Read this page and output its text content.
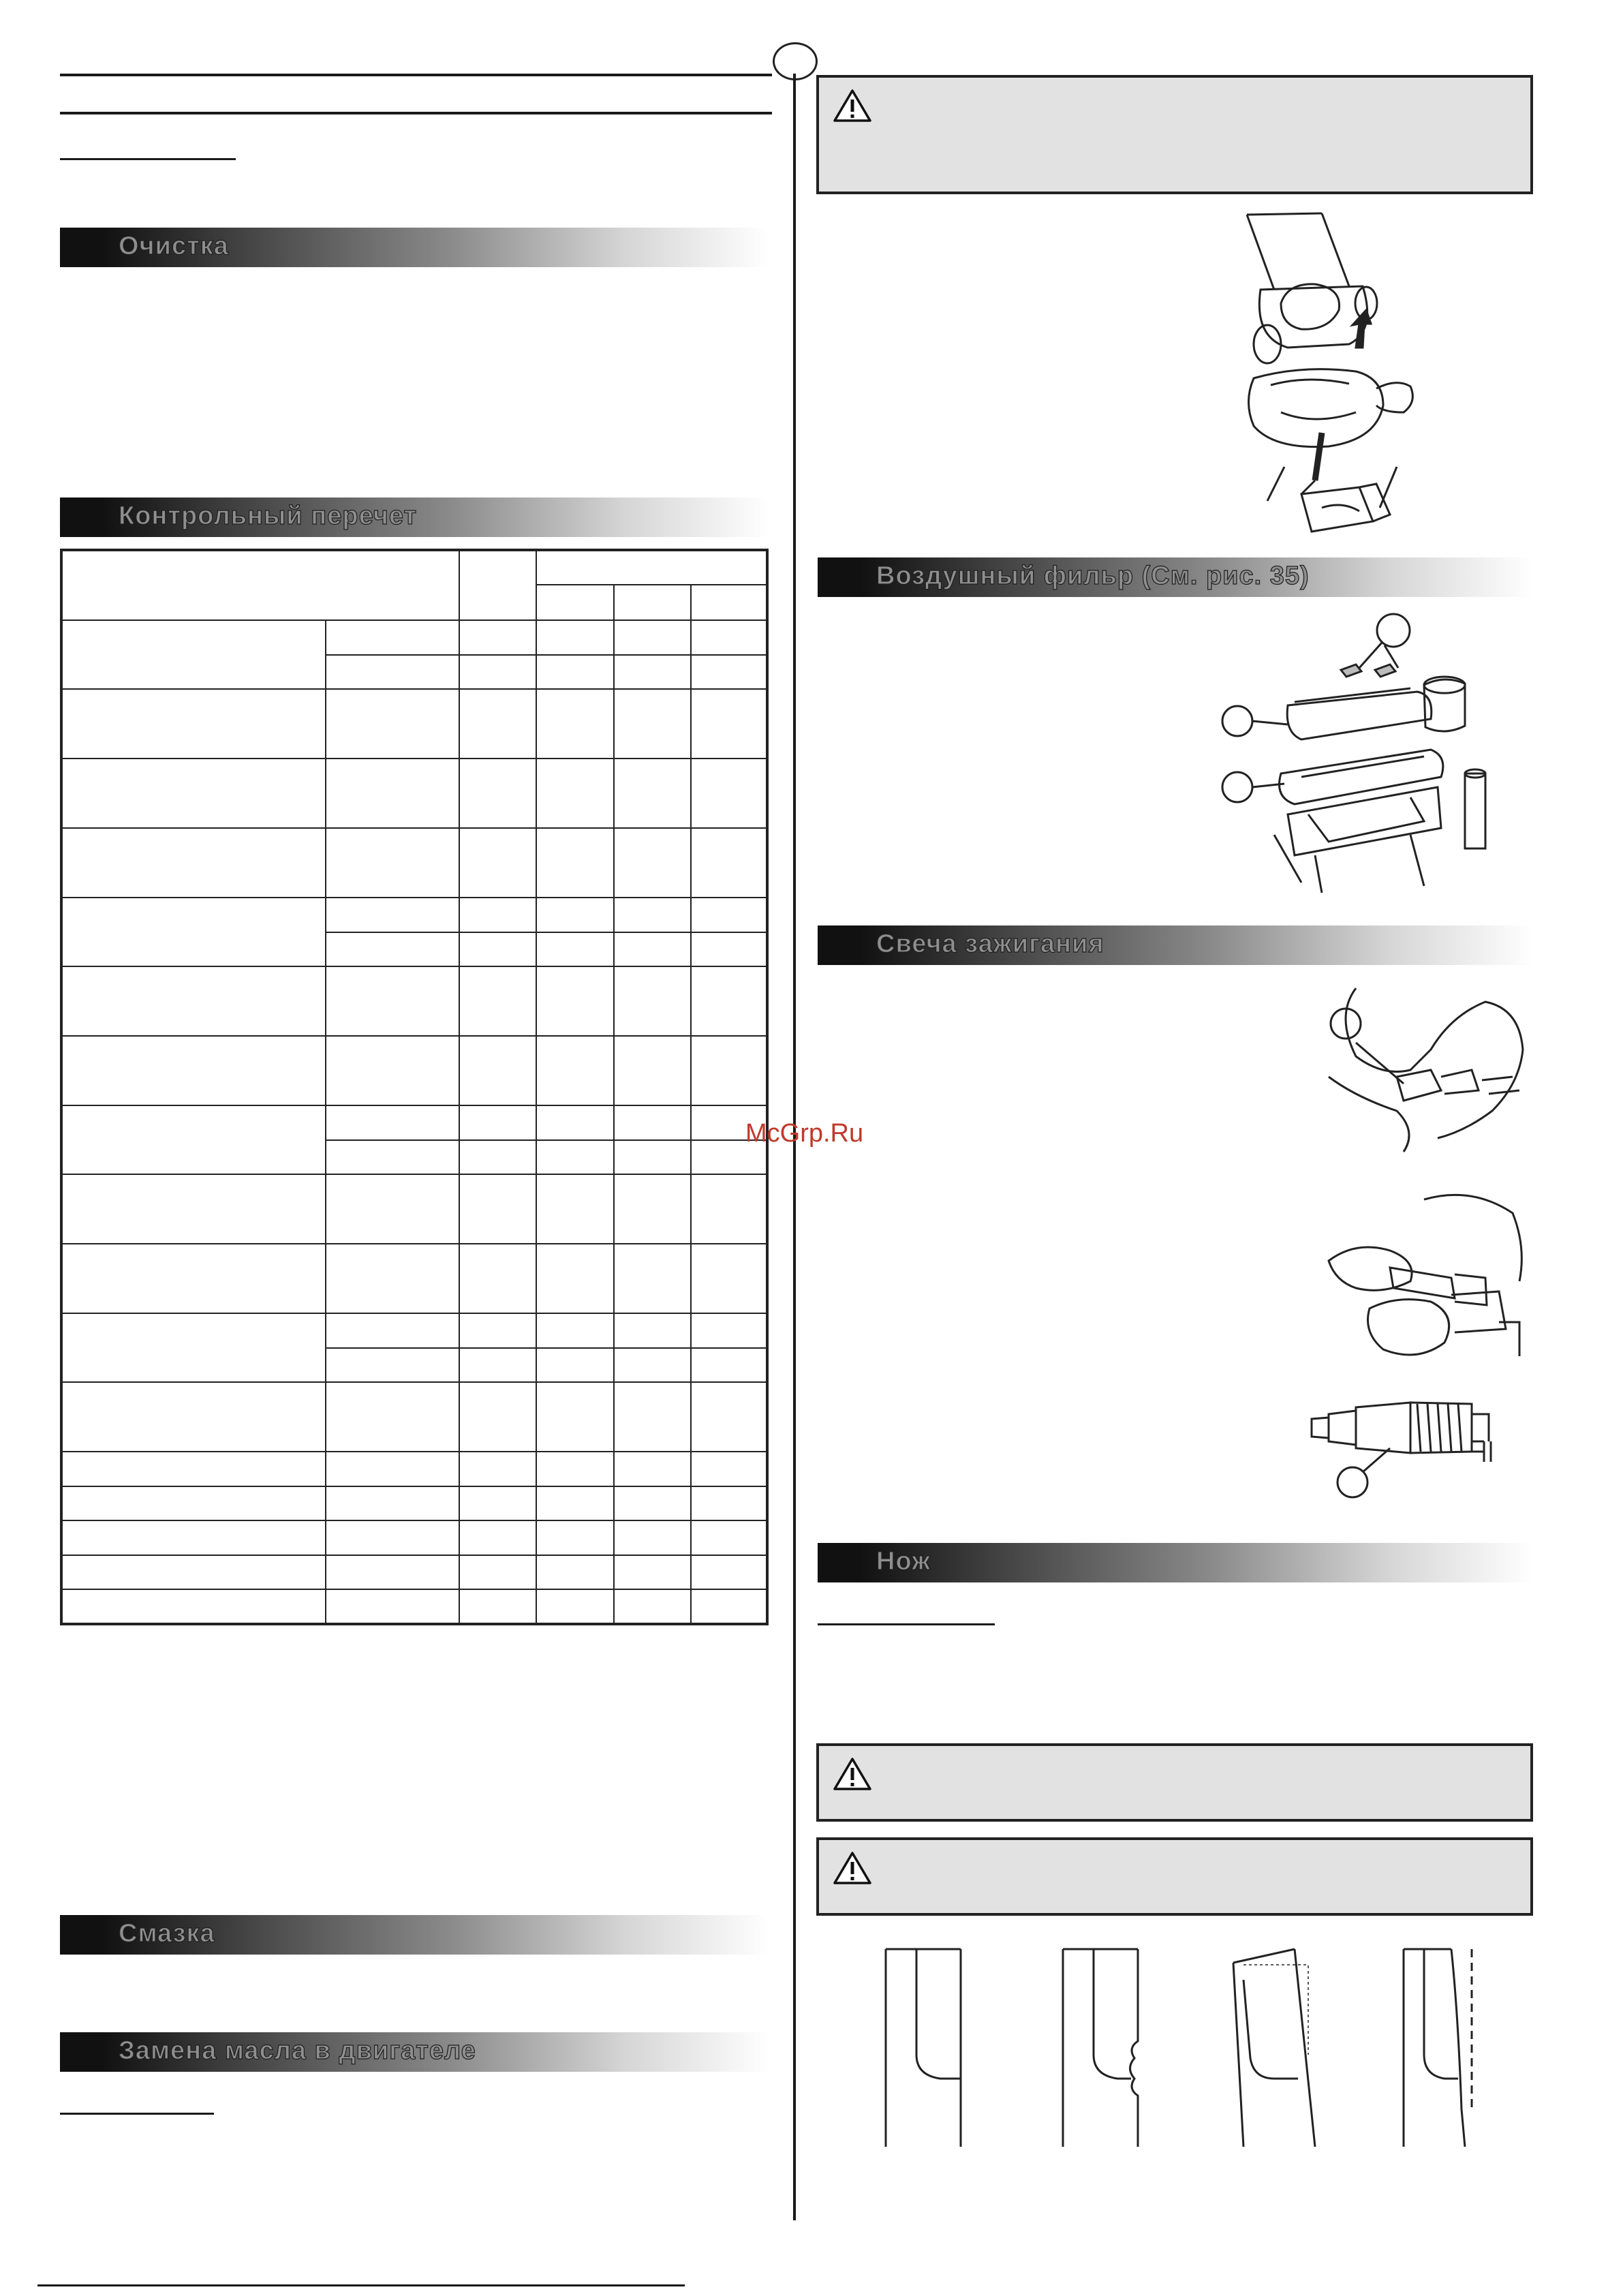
Очистка
Контрольный перечет

Смазка
Замена масла в двигателе
Воздушный фильр (См. рис. 35)
Свеча зажигания
Нож
McGrp.Ru
